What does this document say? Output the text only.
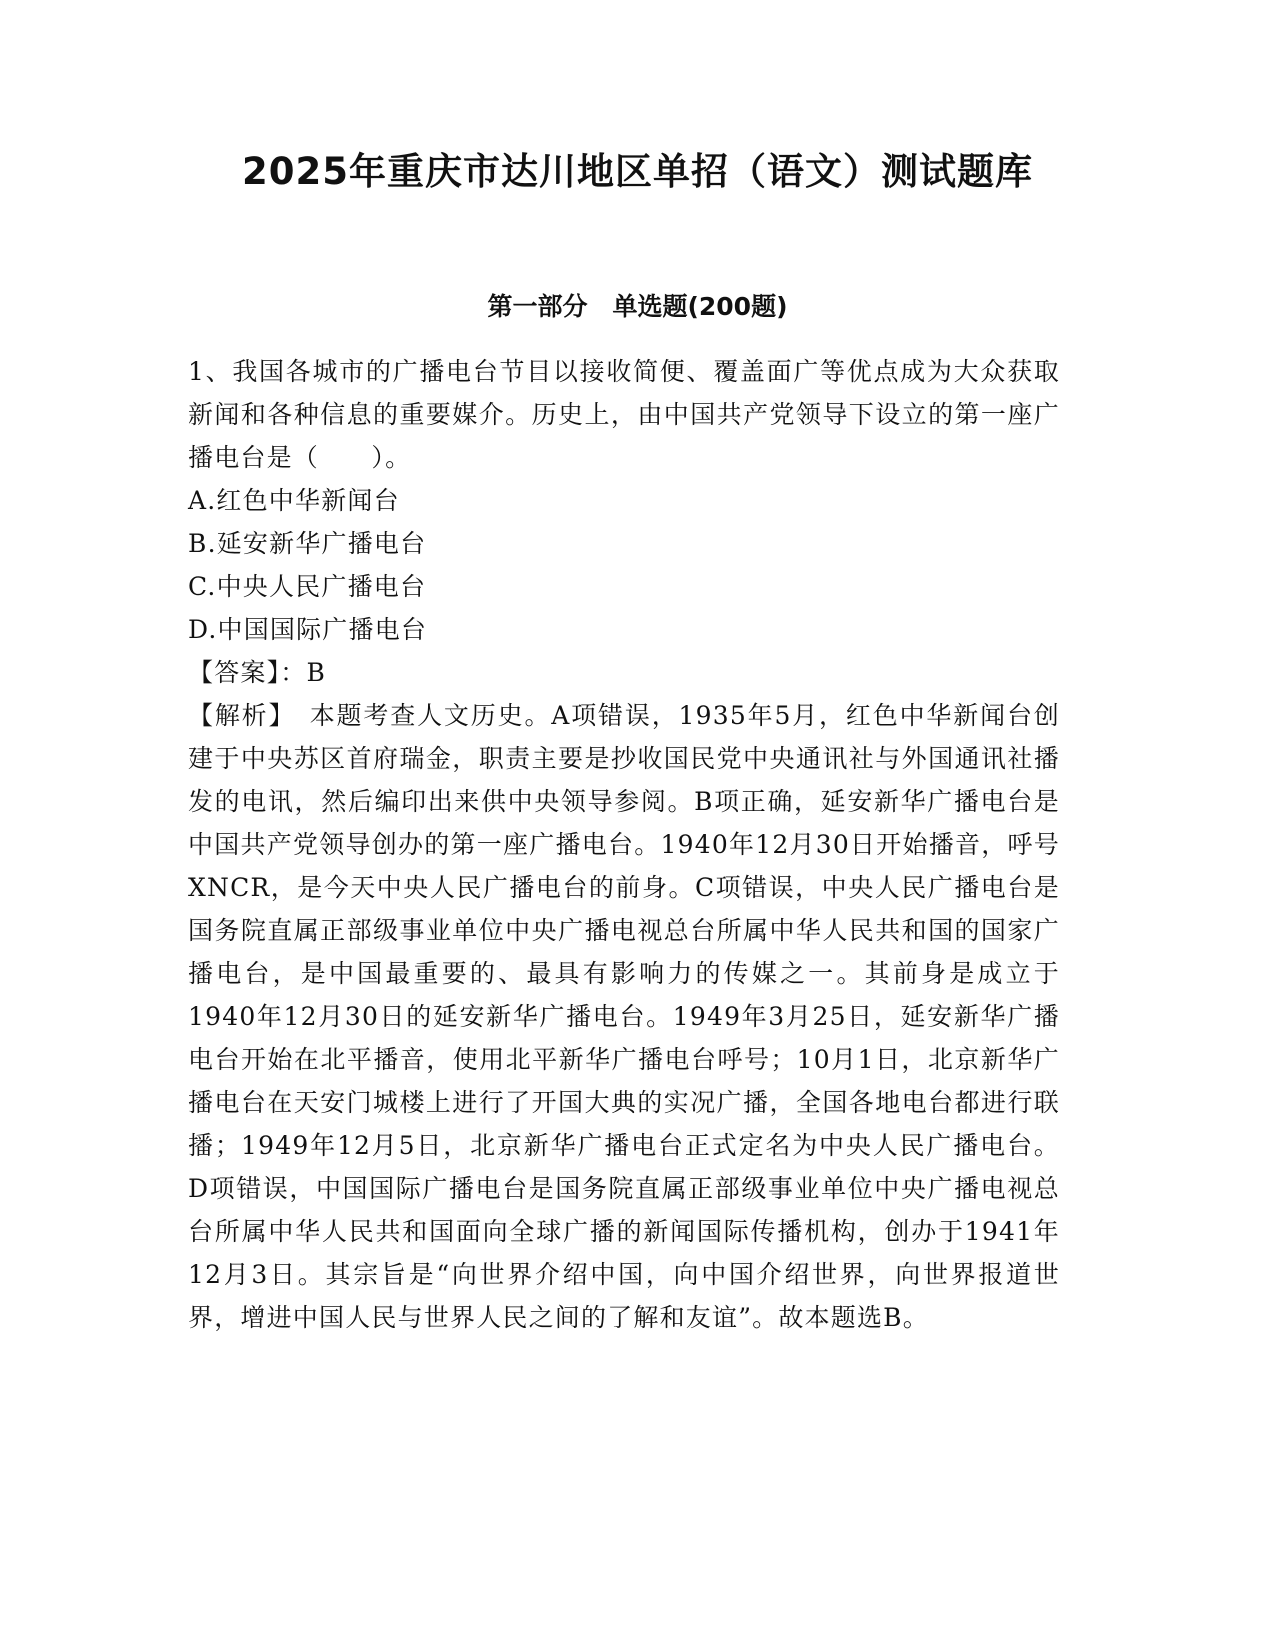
2025年重庆市达川地区单招（语文）测试题库
第一部分　单选题(200题)

1、我国各城市的广播电台节目以接收简便、覆盖面广等优点成为大众获取新闻和各种信息的重要媒介。历史上，由中国共产党领导下设立的第一座广播电台是（　　）。

A.红色中华新闻台

B.延安新华广播电台

C.中央人民广播电台

D.中国国际广播电台

【答案】：B

【解析】　本题考查人文历史。A项错误，1935年5月，红色中华新闻台创建于中央苏区首府瑞金，职责主要是抄收国民党中央通讯社与外国通讯社播发的电讯，然后编印出来供中央领导参阅。B项正确，延安新华广播电台是中国共产党领导创办的第一座广播电台。1940年12月30日开始播音，呼号XNCR，是今天中央人民广播电台的前身。C项错误，中央人民广播电台是国务院直属正部级事业单位中央广播电视总台所属中华人民共和国的国家广播电台，是中国最重要的、最具有影响力的传媒之一。其前身是成立于1940年12月30日的延安新华广播电台。1949年3月25日，延安新华广播电台开始在北平播音，使用北平新华广播电台呼号；10月1日，北京新华广播电台在天安门城楼上进行了开国大典的实况广播，全国各地电台都进行联播；1949年12月5日，北京新华广播电台正式定名为中央人民广播电台。D项错误，中国国际广播电台是国务院直属正部级事业单位中央广播电视总台所属中华人民共和国面向全球广播的新闻国际传播机构，创办于1941年12月3日。其宗旨是“向世界介绍中国，向中国介绍世界，向世界报道世界，增进中国人民与世界人民之间的了解和友谊”。故本题选B。
